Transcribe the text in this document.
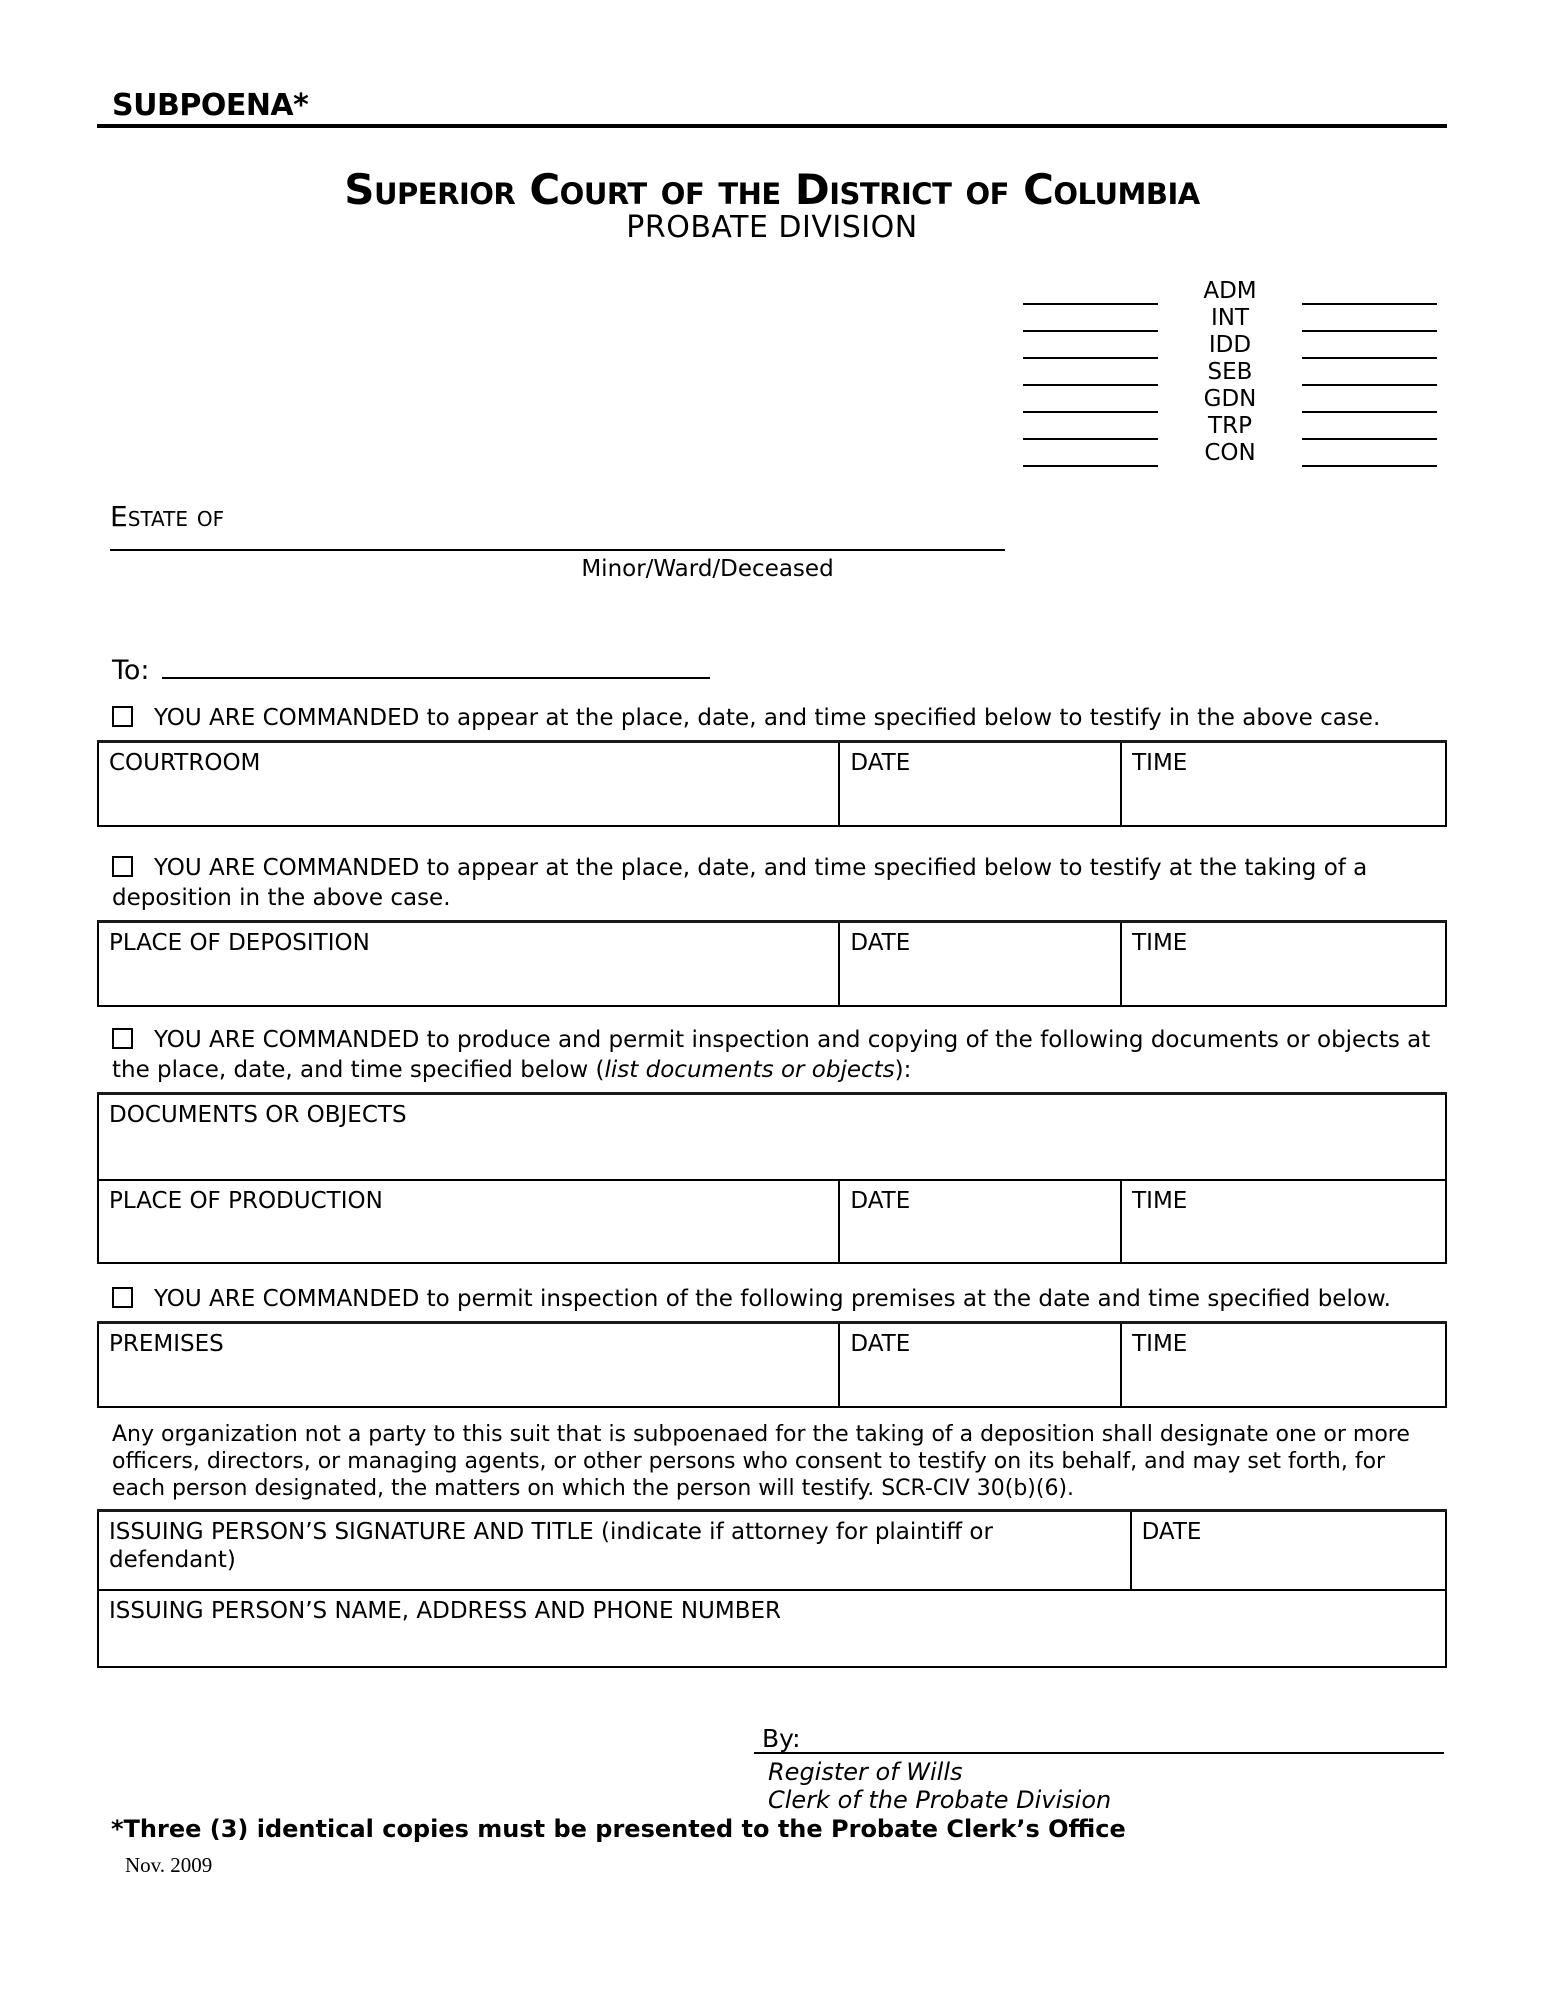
SUBPOENA*
Superior Court of the District of Columbia
PROBATE DIVISION
ADM
INT
IDD
SEB
GDN
TRP
CON
Estate of
Minor/Ward/Deceased
To:

YOU ARE COMMANDED to appear at the place, date, and time specified below to testify in the above case.

COURTROOM	DATE	TIME

YOU ARE COMMANDED to appear at the place, date, and time specified below to testify at the taking of a deposition in the above case.

PLACE OF DEPOSITION	DATE	TIME

YOU ARE COMMANDED to produce and permit inspection and copying of the following documents or objects at the place, date, and time specified below (list documents or objects):

DOCUMENTS OR OBJECTS
PLACE OF PRODUCTION	DATE	TIME

YOU ARE COMMANDED to permit inspection of the following premises at the date and time specified below.

PREMISES	DATE	TIME

Any organization not a party to this suit that is subpoenaed for the taking of a deposition shall designate one or more officers, directors, or managing agents, or other persons who consent to testify on its behalf, and may set forth, for each person designated, the matters on which the person will testify. SCR-CIV 30(b)(6).

ISSUING PERSON’S SIGNATURE AND TITLE (indicate if attorney for plaintiff or defendant)	DATE
ISSUING PERSON’S NAME, ADDRESS AND PHONE NUMBER
By:
Register of Wills
Clerk of the Probate Division
*Three (3) identical copies must be presented to the Probate Clerk’s Office
Nov. 2009
